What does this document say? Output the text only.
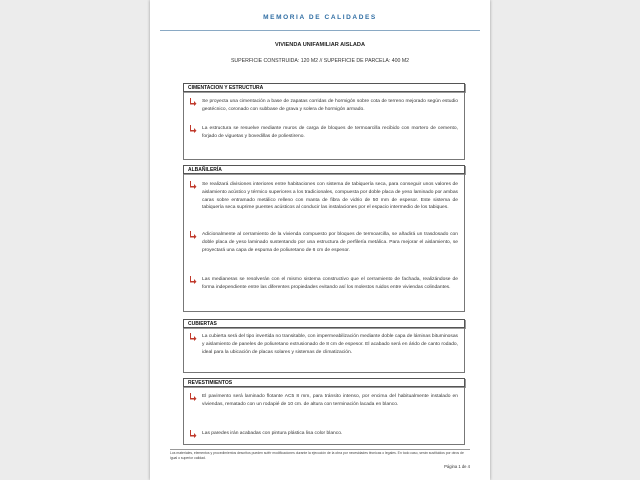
MEMORIA DE CALIDADES
VIVIENDA UNIFAMILIAR AISLADA
SUPERFICIE CONSTRUIDA: 120 M2 // SUPERFICIE DE PARCELA: 400 M2
CIMENTACION Y ESTRUCTURA
Se proyecta una cimentación a base de zapatas corridas de hormigón sobre cota de terreno mejorado según estudio geotécnico, coronado con subbase de grava y solera de hormigón armado.
La estructura se resuelve mediante muros de carga de bloques de termoarcilla recibido con mortero de cemento, forjado de viguetas y bovedillas de poliestireno.
ALBAÑILERÍA
Se realizará divisiones interiores entre habitaciones con sistema de tabiquería seca, para conseguir unos valores de aislamiento acústico y térmico superiores a los tradicionales, compuesta por doble placa de yeso laminado por ambas caras sobre entramado metálico relleno con manta de fibra de vidrio de 50 mm de espesor. Este sistema de tabiquería seca suprime puentes acústicos al conducir las instalaciones por el espacio intermedio de los tabiques.
Adicionalmente al cerramiento de la vivienda compuesto por bloques de termoarcilla, se añadirá un trasdosado con doble placa de yeso laminado sustentando por una estructura de perfilería metálica. Para mejorar el aislamiento, se proyectará una capa de espuma de poliuretano de 6 cm de espesor.
Las medianeras se resolverán con el mismo sistema constructivo que el cerramiento de fachada, realizándose de forma independiente entre las diferentes propiedades evitando así los molestos ruidos entre viviendas colindantes.
CUBIERTAS
La cubierta será del tipo invertida no transitable, con impermeabilización mediante doble capa de láminas bituminosas y aislamiento de paneles de poliuretano extrusionado de 8 cm de espesor. El acabado será en árido de canto rodado, ideal para la ubicación de placas solares y sistemas de climatización.
REVESTIMIENTOS
El pavimento será laminado flotante AC5 8 mm, para tránsito intenso, por encima del habitualmente instalado en viviendas, rematado con un rodapié de 10 cm. de altura con terminación lacada en blanco.
Las paredes irán acabadas con pintura plástica lisa color blanco.
Los materiales, elementos y procedimientos descritos pueden sufrir modificaciones durante la ejecución de la obra por necesidades técnicas o legales. En todo caso, serán sustituidos por otros de igual o superior calidad.
Página 1 de 4
